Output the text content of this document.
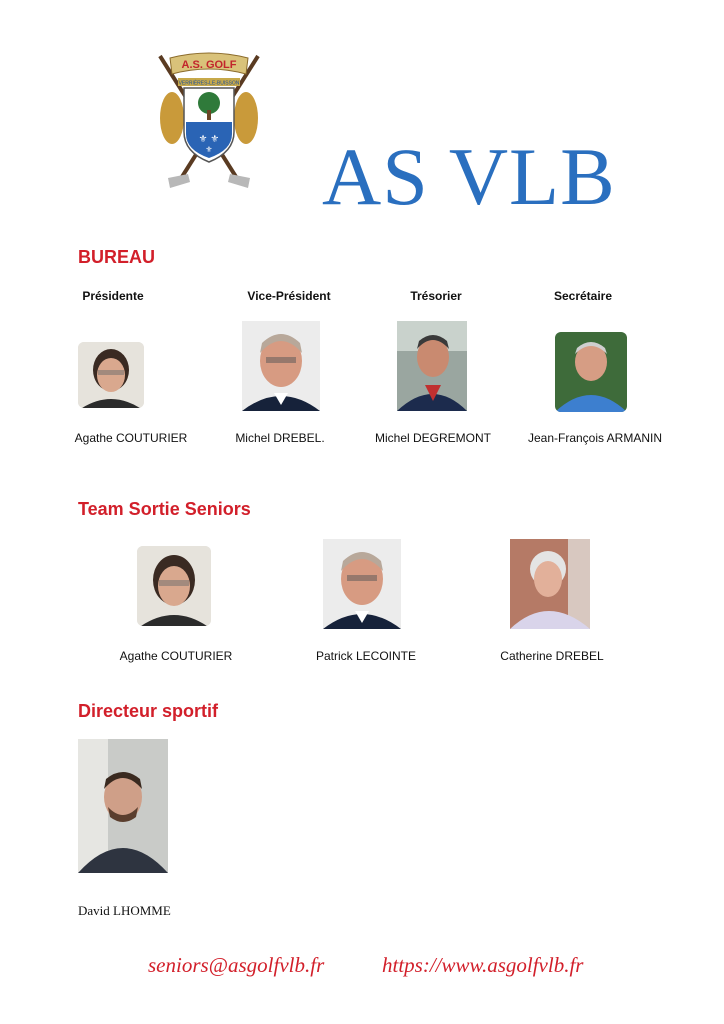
A.S. GOLF
VERRIÈRES-LE-BUISSON
⚜ ⚜
⚜ AS VLB
BUREAU
Présidente	Vice-Président	Trésorier	Secrétaire
Agathe COUTURIER	Michel DREBEL.	Michel DEGREMONT	Jean-François ARMANIN
Team Sortie Seniors
Agathe COUTURIER	Patrick LECOINTE	Catherine DREBEL
Directeur sportif
David LHOMME
seniors@asgolfvlb.fr	https://www.asgolfvlb.fr
